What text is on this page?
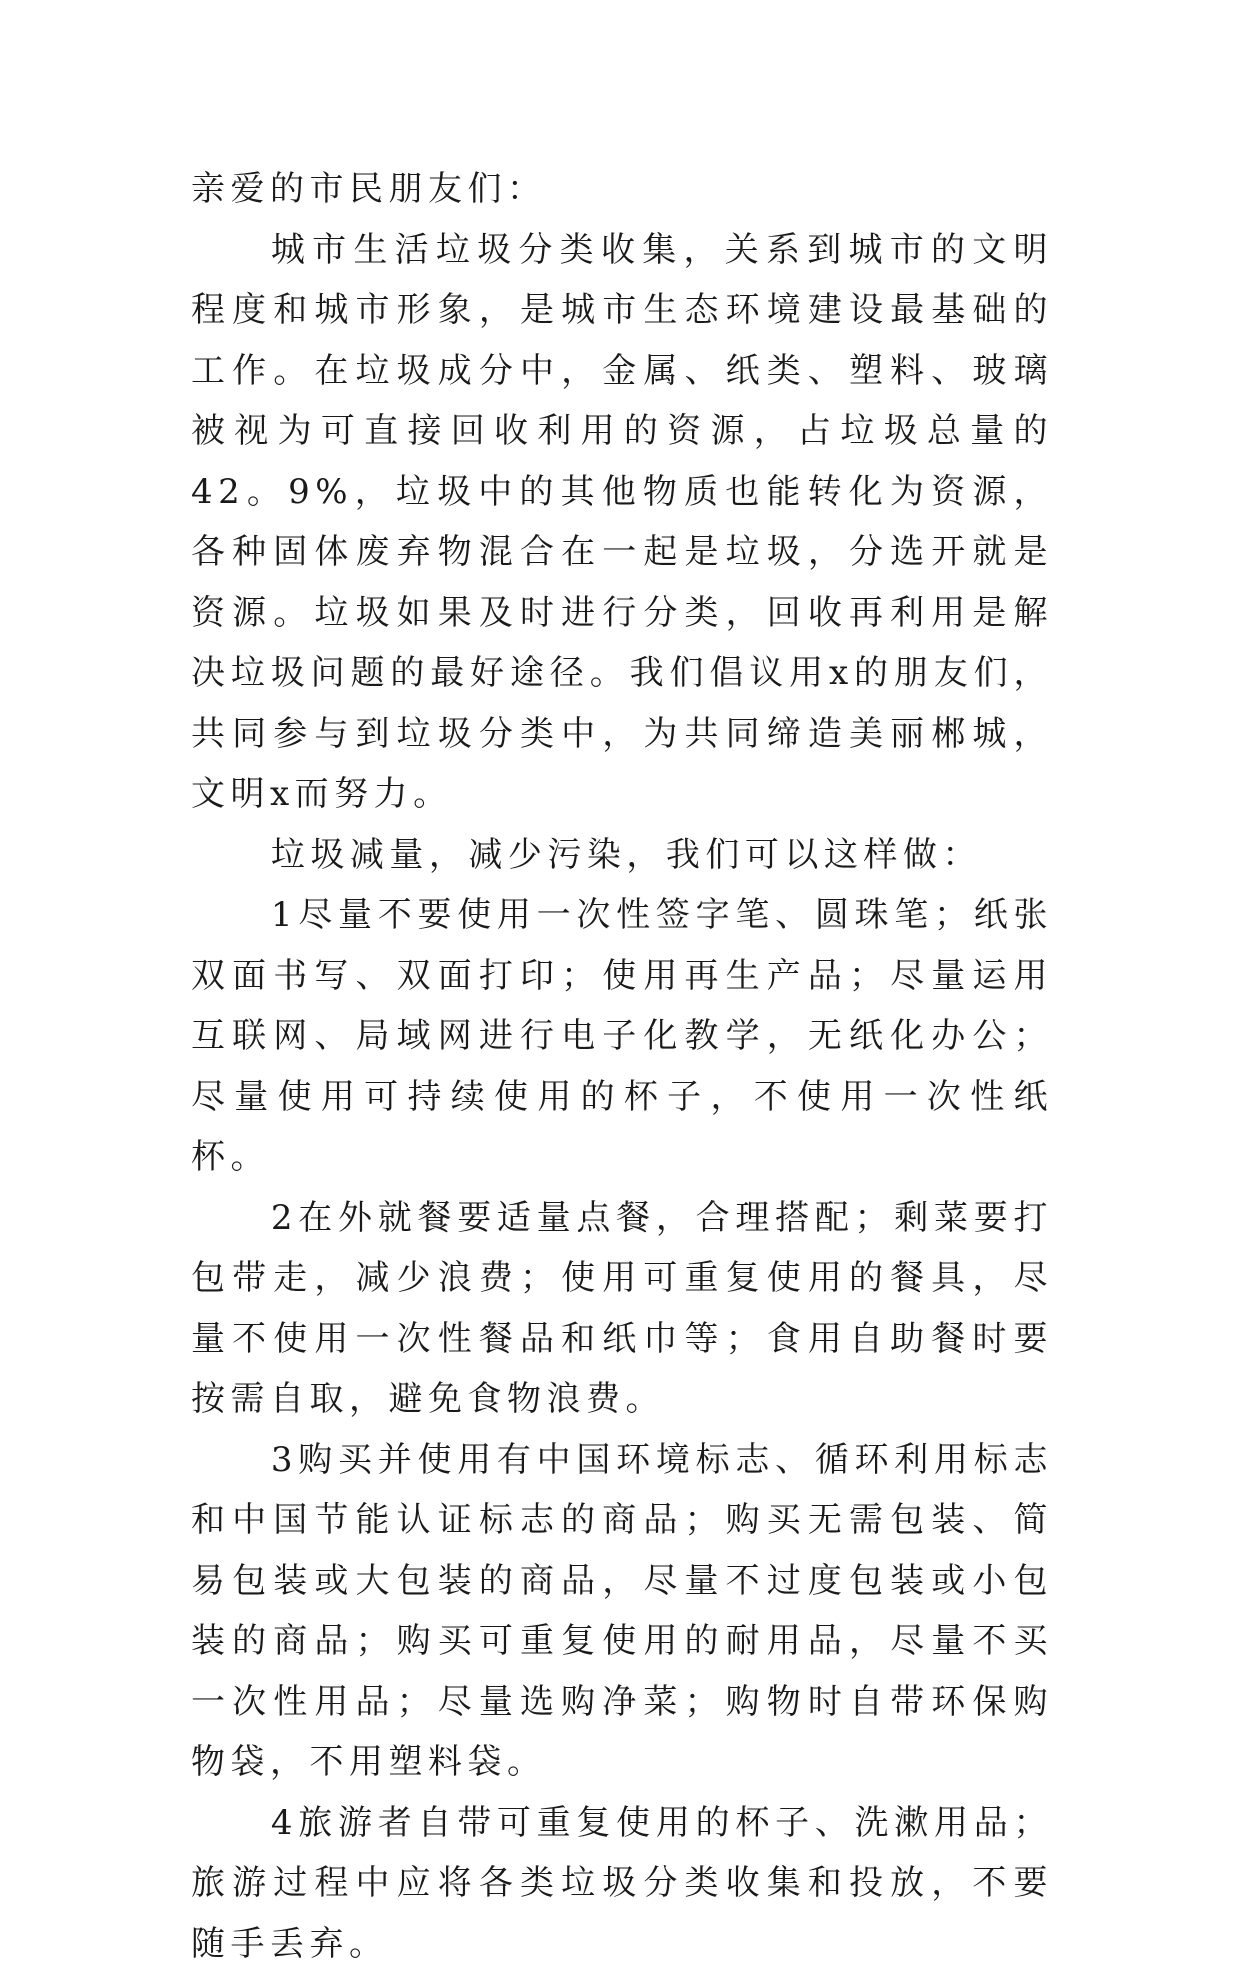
亲爱的市民朋友们：

城市生活垃圾分类收集，关系到城市的文明程度和城市形象，是城市生态环境建设最基础的工作。在垃圾成分中，金属、纸类、塑料、玻璃被视为可直接回收利用的资源，占垃圾总量的42。9%，垃圾中的其他物质也能转化为资源，各种固体废弃物混合在一起是垃圾，分选开就是资源。垃圾如果及时进行分类，回收再利用是解决垃圾问题的最好途径。我们倡议用x的朋友们，共同参与到垃圾分类中，为共同缔造美丽郴城，文明x而努力。

垃圾减量，减少污染，我们可以这样做：

1尽量不要使用一次性签字笔、圆珠笔；纸张双面书写、双面打印；使用再生产品；尽量运用互联网、局域网进行电子化教学，无纸化办公；尽量使用可持续使用的杯子，不使用一次性纸杯。

2在外就餐要适量点餐，合理搭配；剩菜要打包带走，减少浪费；使用可重复使用的餐具，尽量不使用一次性餐品和纸巾等；食用自助餐时要按需自取，避免食物浪费。

3购买并使用有中国环境标志、循环利用标志和中国节能认证标志的商品；购买无需包装、简易包装或大包装的商品，尽量不过度包装或小包装的商品；购买可重复使用的耐用品，尽量不买一次性用品；尽量选购净菜；购物时自带环保购物袋，不用塑料袋。

4旅游者自带可重复使用的杯子、洗漱用品；旅游过程中应将各类垃圾分类收集和投放，不要随手丢弃。
